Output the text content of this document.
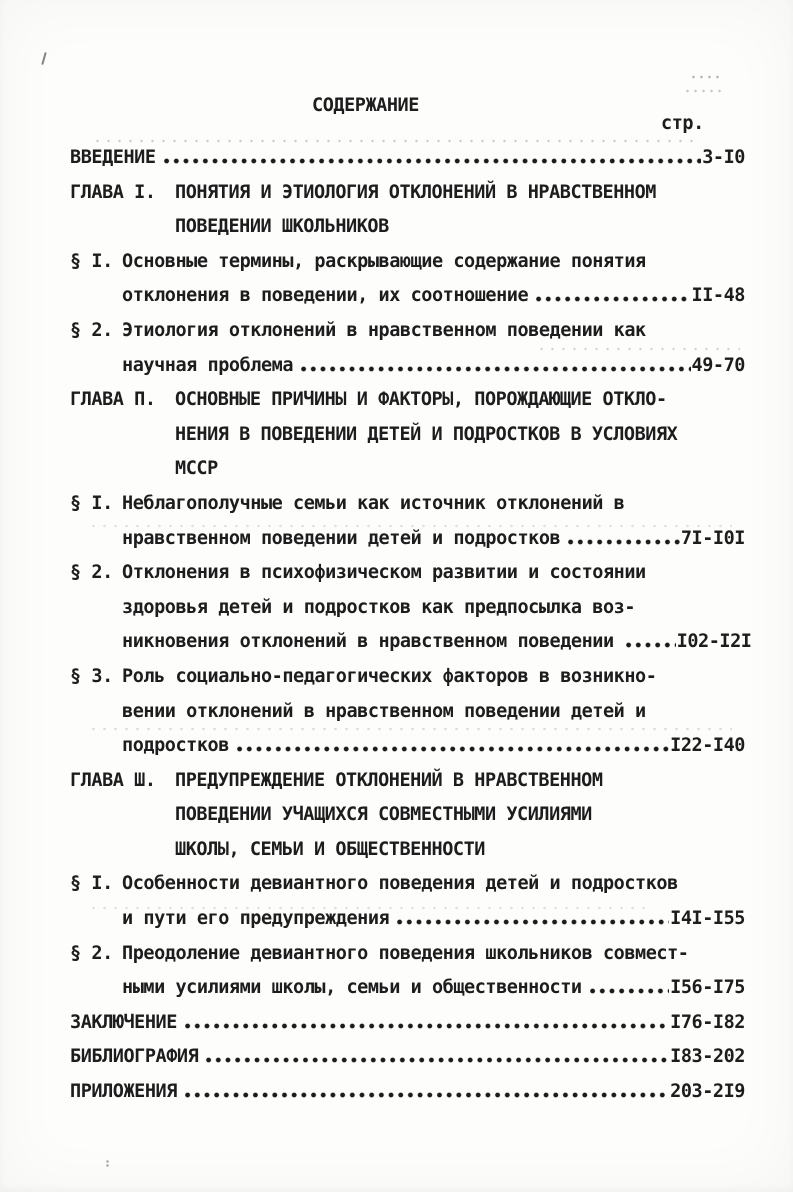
СОДЕРЖАНИЕ
стр.
ВВЕДЕНИЕ	3-I0
ГЛАВА I.	ПОНЯТИЯ И ЭТИОЛОГИЯ ОТКЛОНЕНИЙ В НРАВСТВЕННОМ
ПОВЕДЕНИИ ШКОЛЬНИКОВ
§ I. Основные термины, раскрывающие содержание понятия
отклонения в поведении, их соотношение	II-48
§ 2. Этиология отклонений в нравственном поведении как
научная проблема	49-70
ГЛАВА П.	ОСНОВНЫЕ ПРИЧИНЫ И ФАКТОРЫ, ПОРОЖДАЮЩИЕ ОТКЛО-
НЕНИЯ В ПОВЕДЕНИИ ДЕТЕЙ И ПОДРОСТКОВ В УСЛОВИЯХ
МССР
§ I. Неблагополучные семьи как источник отклонений в
нравственном поведении детей и подростков	7I-I0I
§ 2. Отклонения в психофизическом развитии и состоянии
здоровья детей и подростков как предпосылка воз-
никновения отклонений в нравственном поведении	I02-I2I
§ 3. Роль социально-педагогических факторов в возникно-
вении отклонений в нравственном поведении детей и
подростков	I22-I40
ГЛАВА Ш.	ПРЕДУПРЕЖДЕНИЕ ОТКЛОНЕНИЙ В НРАВСТВЕННОМ
ПОВЕДЕНИИ УЧАЩИХСЯ СОВМЕСТНЫМИ УСИЛИЯМИ
ШКОЛЫ, СЕМЬИ И ОБЩЕСТВЕННОСТИ
§ I. Особенности девиантного поведения детей и подростков
и пути его предупреждения	I4I-I55
§ 2. Преодоление девиантного поведения школьников совмест-
ными усилиями школы, семьи и общественности	I56-I75
ЗАКЛЮЧЕНИЕ	I76-I82
БИБЛИОГРАФИЯ	I83-202
ПРИЛОЖЕНИЯ	203-2I9
